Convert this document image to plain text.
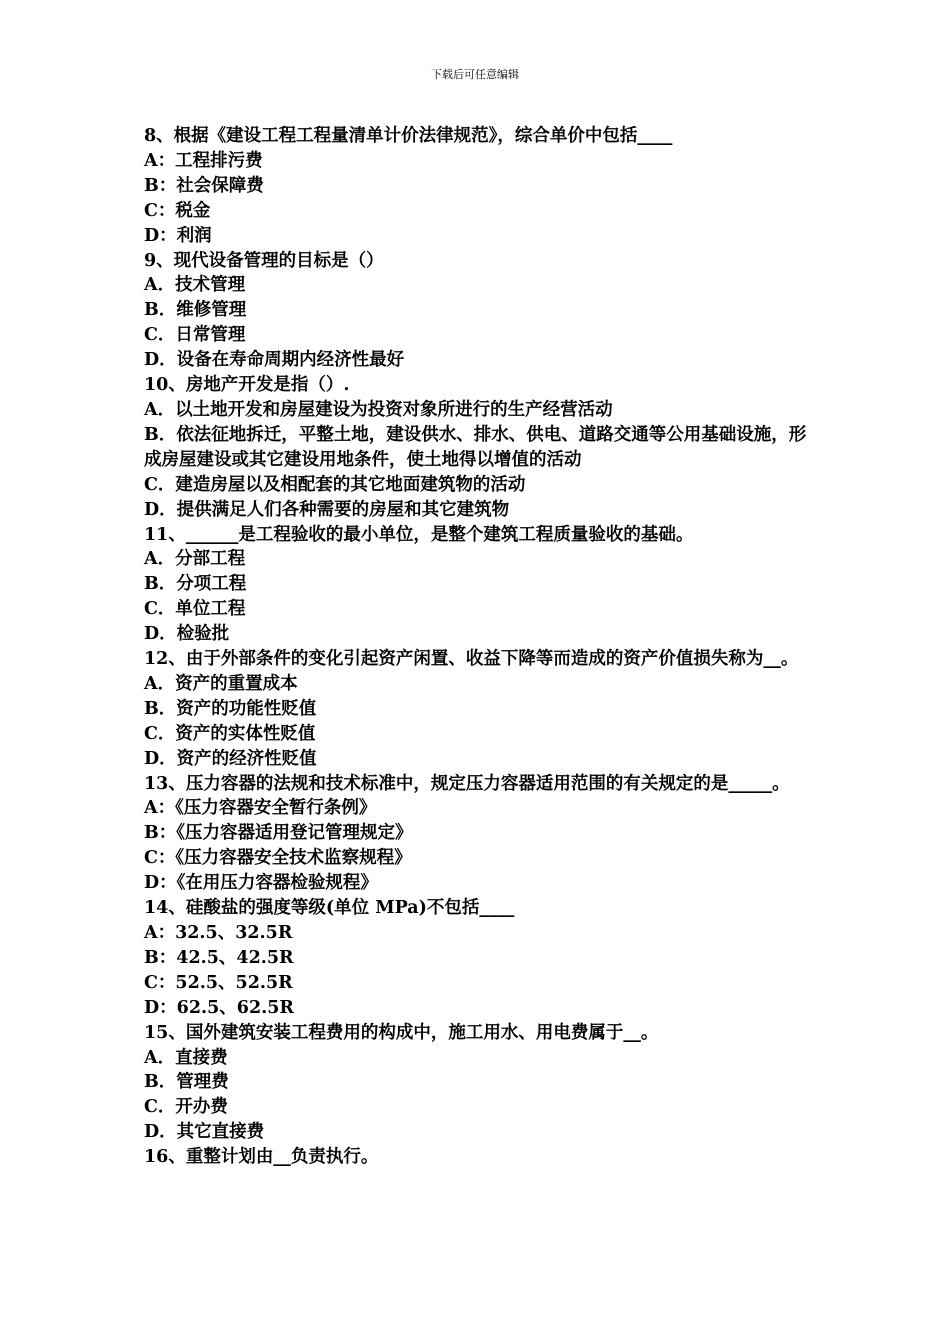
下载后可任意编辑
8、根据《建设工程工程量清单计价法律规范》，综合单价中包括____
A：工程排污费
B：社会保障费
C：税金
D：利润
9、现代设备管理的目标是（）
A．技术管理
B．维修管理
C．日常管理
D．设备在寿命周期内经济性最好
10、房地产开发是指（）.
A．以土地开发和房屋建设为投资对象所进行的生产经营活动
B．依法征地拆迁，平整土地，建设供水、排水、供电、道路交通等公用基础设施，形成房屋建设或其它建设用地条件，使土地得以增值的活动
C．建造房屋以及相配套的其它地面建筑物的活动
D．提供满足人们各种需要的房屋和其它建筑物
11、______是工程验收的最小单位，是整个建筑工程质量验收的基础。
A．分部工程
B．分项工程
C．单位工程
D．检验批
12、由于外部条件的变化引起资产闲置、收益下降等而造成的资产价值损失称为__。
A．资产的重置成本
B．资产的功能性贬值
C．资产的实体性贬值
D．资产的经济性贬值
13、压力容器的法规和技术标准中，规定压力容器适用范围的有关规定的是_____。
A：《压力容器安全暂行条例》
B：《压力容器适用登记管理规定》
C：《压力容器安全技术监察规程》
D：《在用压力容器检验规程》
14、硅酸盐的强度等级(单位 MPa)不包括____
A：32.5、32.5R
B：42.5、42.5R
C：52.5、52.5R
D：62.5、62.5R
15、国外建筑安装工程费用的构成中，施工用水、用电费属于__。
A．直接费
B．管理费
C．开办费
D．其它直接费
16、重整计划由__负责执行。
